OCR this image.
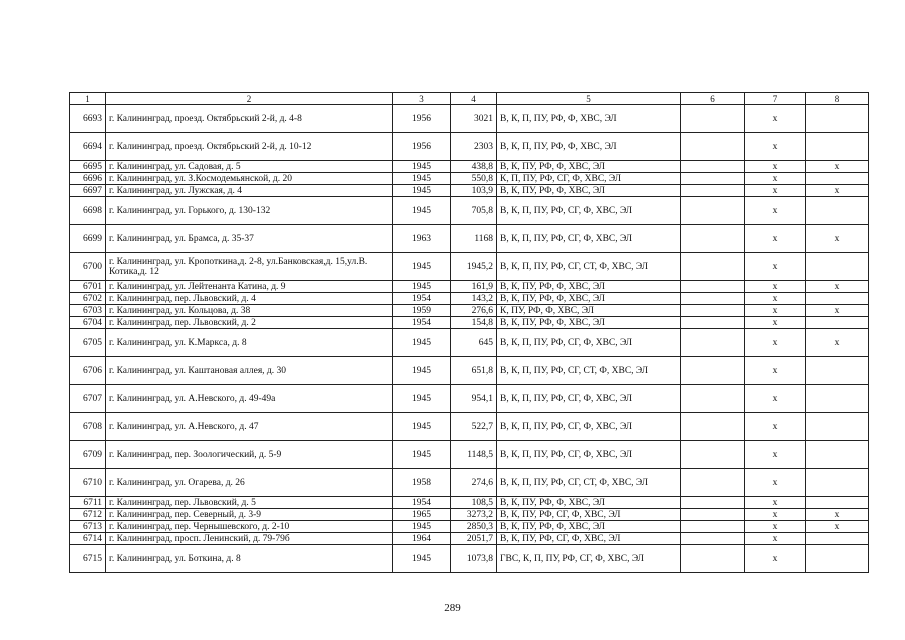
1	2	3	4	5	6	7	8
6693	г. Калининград, проезд. Октябрьский 2-й, д. 4-8	1956	3021	В, К, П, ПУ, РФ, Ф, ХВС, ЭЛ		х	
6694	г. Калининград, проезд. Октябрьский 2-й, д. 10-12	1956	2303	В, К, П, ПУ, РФ, Ф, ХВС, ЭЛ		х	
6695	г. Калининград, ул. Садовая, д. 5	1945	438,8	В, К, ПУ, РФ, Ф, ХВС, ЭЛ		х	х
6696	г. Калининград, ул. З.Космодемьянской, д. 20	1945	550,8	К, П, ПУ, РФ, СГ, Ф, ХВС, ЭЛ		х	
6697	г. Калининград, ул. Лужская, д. 4	1945	103,9	В, К, ПУ, РФ, Ф, ХВС, ЭЛ		х	х
6698	г. Калининград, ул. Горького, д. 130-132	1945	705,8	В, К, П, ПУ, РФ, СГ, Ф, ХВС, ЭЛ		х	
6699	г. Калининград, ул. Брамса, д. 35-37	1963	1168	В, К, П, ПУ, РФ, СГ, Ф, ХВС, ЭЛ		х	х
6700	г. Калининград, ул. Кропоткина,д. 2-8, ул.Банковская,д. 15,ул.В. Котика,д. 12	1945	1945,2	В, К, П, ПУ, РФ, СГ, СТ, Ф, ХВС, ЭЛ		х	
6701	г. Калининград, ул. Лейтенанта Катина, д. 9	1945	161,9	В, К, ПУ, РФ, Ф, ХВС, ЭЛ		х	х
6702	г. Калининград, пер. Львовский, д. 4	1954	143,2	В, К, ПУ, РФ, Ф, ХВС, ЭЛ		х	
6703	г. Калининград, ул. Кольцова, д. 38	1959	276,6	К, ПУ, РФ, Ф, ХВС, ЭЛ		х	х
6704	г. Калининград, пер. Львовский, д. 2	1954	154,8	В, К, ПУ, РФ, Ф, ХВС, ЭЛ		х	
6705	г. Калининград, ул. К.Маркса, д. 8	1945	645	В, К, П, ПУ, РФ, СГ, Ф, ХВС, ЭЛ		х	х
6706	г. Калининград, ул. Каштановая аллея, д. 30	1945	651,8	В, К, П, ПУ, РФ, СГ, СТ, Ф, ХВС, ЭЛ		х	
6707	г. Калининград, ул. А.Невского, д. 49-49а	1945	954,1	В, К, П, ПУ, РФ, СГ, Ф, ХВС, ЭЛ		х	
6708	г. Калининград, ул. А.Невского, д. 47	1945	522,7	В, К, П, ПУ, РФ, СГ, Ф, ХВС, ЭЛ		х	
6709	г. Калининград, пер. Зоологический, д. 5-9	1945	1148,5	В, К, П, ПУ, РФ, СГ, Ф, ХВС, ЭЛ		х	
6710	г. Калининград, ул. Огарева, д. 26	1958	274,6	В, К, П, ПУ, РФ, СГ, СТ, Ф, ХВС, ЭЛ		х	
6711	г. Калининград, пер. Львовский, д. 5	1954	108,5	В, К, ПУ, РФ, Ф, ХВС, ЭЛ		х	
6712	г. Калининград, пер. Северный, д. 3-9	1965	3273,2	В, К, ПУ, РФ, СГ, Ф, ХВС, ЭЛ		х	х
6713	г. Калининград, пер. Чернышевского, д. 2-10	1945	2850,3	В, К, ПУ, РФ, Ф, ХВС, ЭЛ		х	х
6714	г. Калининград, просп. Ленинский, д. 79-79б	1964	2051,7	В, К, ПУ, РФ, СГ, Ф, ХВС, ЭЛ		х	
6715	г. Калининград, ул. Боткина, д. 8	1945	1073,8	ГВС, К, П, ПУ, РФ, СГ, Ф, ХВС, ЭЛ		х	
289
